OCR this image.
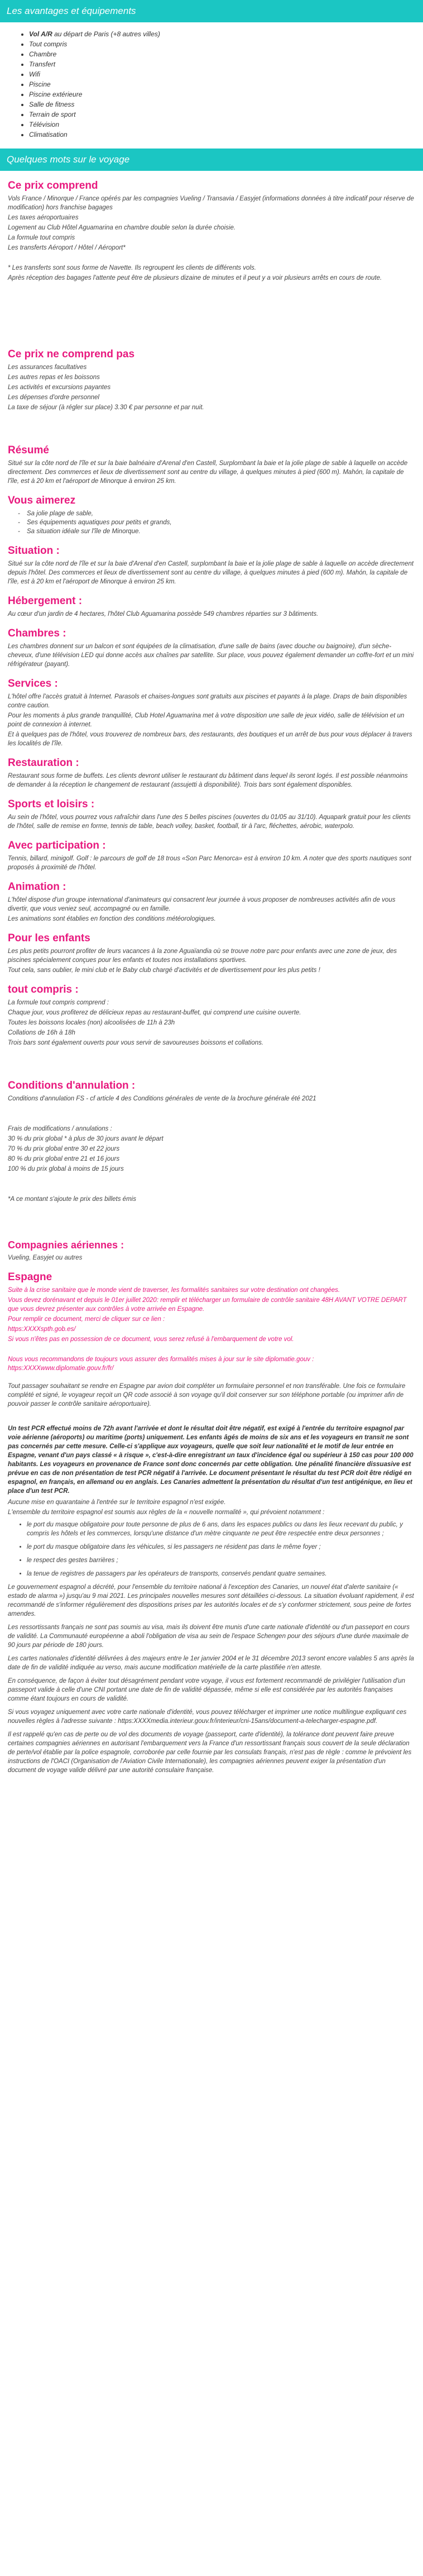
Les avantages et équipements
• Vol A/R au départ de Paris (+8 autres villes)
• Tout compris
• Chambre
• Transfert
• Wifi
• Piscine
• Piscine extérieure
• Salle de fitness
• Terrain de sport
• Télévision
• Climatisation
Quelques mots sur le voyage
Ce prix comprend
Vols France / Minorque / France opérés par les compagnies Vueling / Transavia / Easyjet (informations données à titre indicatif pour réserve de modification) hors franchise bagages
Les taxes aéroportuaires
Logement au Club Hôtel Aguamarina en chambre double selon la durée choisie.
La formule tout compris
Les transferts Aéroport / Hôtel / Aéroport*

* Les transferts sont sous forme de Navette. Ils regroupent les clients de différents vols.
Après réception des bagages l'attente peut être de plusieurs dizaine de minutes et il peut y a voir plusieurs arrêts en cours de route.
Ce prix ne comprend pas
Les assurances facultatives
Les autres repas et les boissons
Les activités et excursions payantes
Les dépenses d'ordre personnel
La taxe de séjour (à régler sur place) 3.30 € par personne et par nuit.
Résumé
Situé sur la côte nord de l'île et sur la baie balnéaire d'Arenal d'en Castell, Surplombant la baie et la jolie plage de sable à laquelle on accède directement. Des commerces et lieux de divertissement sont au centre du village, à quelques minutes à pied (600 m). Mahón, la capitale de l'île, est à 20 km et l'aéroport de Minorque à environ 25 km.
Vous aimerez
- Sa jolie plage de sable,
- Ses équipements aquatiques pour petits et grands,
- Sa situation idéale sur l'île de Minorque.
Situation :
Situé sur la côte nord de l'île et sur la baie d'Arenal d'en Castell, surplombant la baie et la jolie plage de sable à laquelle on accède directement depuis l'hôtel. Des commerces et lieux de divertissement sont au centre du village, à quelques minutes à pied (600 m). Mahón, la capitale de l'île, est à 20 km et l'aéroport de Minorque à environ 25 km.
Hébergement :
Au cœur d'un jardin de 4 hectares, l'hôtel Club Aguamarina possède 549 chambres réparties sur 3 bâtiments.
Chambres :
Les chambres donnent sur un balcon et sont équipées de la climatisation, d'une salle de bains (avec douche ou baignoire), d'un sèche-cheveux, d'une télévision LED qui donne accès aux chaînes par satellite. Sur place, vous pouvez également demander un coffre-fort et un mini réfrigérateur (payant).
Services :
L'hôtel offre l'accès gratuit à Internet. Parasols et chaises-longues sont gratuits aux piscines et payants à la plage. Draps de bain disponibles contre caution.
Pour les moments à plus grande tranquillité, Club Hotel Aguamarina met à votre disposition une salle de jeux vidéo, salle de télévision et un point de connexion à internet.
Et à quelques pas de l'hôtel, vous trouverez de nombreux bars, des restaurants, des boutiques et un arrêt de bus pour vous déplacer à travers les localités de l'île.
Restauration :
Restaurant sous forme de buffets. Les clients devront utiliser le restaurant du bâtiment dans lequel ils seront logés. Il est possible néanmoins de demander à la réception le changement de restaurant (assujetti à disponibilité). Trois bars sont également disponibles.
Sports et loisirs :
Au sein de l'hôtel, vous pourrez vous rafraîchir dans l'une des 5 belles piscines (ouvertes du 01/05 au 31/10). Aquapark gratuit pour les clients de l'hôtel, salle de remise en forme, tennis de table, beach volley, basket, football, tir à l'arc, fléchettes, aérobic, waterpolo.
Avec participation :
Tennis, billard, minigolf. Golf : le parcours de golf de 18 trous «Son Parc Menorca» est à environ 10 km. A noter que des sports nautiques sont proposés à proximité de l'hôtel.
Animation :
L'hôtel dispose d'un groupe international d'animateurs qui consacrent leur journée à vous proposer de nombreuses activités afin de vous divertir, que vous veniez seul, accompagné ou en famille.
Les animations sont établies en fonction des conditions météorologiques.
Pour les enfants
Les plus petits pourront profiter de leurs vacances à la zone Aguaïandia où se trouve notre parc pour enfants avec une zone de jeux, des piscines spécialement conçues pour les enfants et toutes nos installations sportives.
Tout cela, sans oublier, le mini club et le Baby club chargé d'activités et de divertissement pour les plus petits !
tout compris :
La formule tout compris comprend :
Chaque jour, vous profiterez de délicieux repas au restaurant-buffet, qui comprend une cuisine ouverte.
Toutes les boissons locales (non) alcoolisées de 11h à 23h
Collations de 16h à 18h
Trois bars sont également ouverts pour vous servir de savoureuses boissons et collations.
Conditions d'annulation :
Conditions d'annulation FS - cf article 4 des Conditions générales de vente de la brochure générale été 2021

Frais de modifications / annulations :
30 % du prix global * à plus de 30 jours avant le départ
70 % du prix global entre 30 et 22 jours
80 % du prix global entre 21 et 16 jours
100 % du prix global à moins de 15 jours

*A ce montant s'ajoute le prix des billets émis
Compagnies aériennes :
Vueling, Easyjet ou autres
Espagne
Suite à la crise sanitaire que le monde vient de traverser, les formalités sanitaires sur votre destination ont changées.
Vous devez dorénavant et depuis le 01er juillet 2020: remplir et télécharger un formulaire de contrôle sanitaire 48H AVANT VOTRE DEPART que vous devrez présenter aux contrôles à votre arrivée en Espagne.
Pour remplir ce document, merci de cliquer sur ce lien :
https:XXXXspth.gob.es/
Si vous n'êtes pas en possession de ce document, vous serez refusé à l'embarquement de votre vol.

Nous vous recommandons de toujours vous assurer des formalités mises à jour sur le site diplomatie.gouv : https:XXXXwww.diplomatie.gouv.fr/fr/
Tout passager souhaitant se rendre en Espagne par avion doit compléter un formulaire personnel et non transférable. Une fois ce formulaire complété et signé, le voyageur reçoit un QR code associé à son voyage qu'il doit conserver sur son téléphone portable (ou imprimer afin de pouvoir passer le contrôle sanitaire aéroportuaire).

Un test PCR effectué moins de 72h avant l'arrivée et dont le résultat doit être négatif, est exigé à l'entrée du territoire espagnol par voie aérienne (aéroports) ou maritime (ports) uniquement. Les enfants âgés de moins de six ans et les voyageurs en transit ne sont pas concernés par cette mesure. Celle-ci s'applique aux voyageurs, quelle que soit leur nationalité et le motif de leur entrée en Espagne, venant d'un pays classé « à risque », c'est-à-dire enregistrant un taux d'incidence égal ou supérieur à 150 cas pour 100 000 habitants. Les voyageurs en provenance de France sont donc concernés par cette obligation. Une pénalité financière dissuasive est prévue en cas de non présentation de test PCR négatif à l'arrivée. Le document présentant le résultat du test PCR doit être rédigé en espagnol, en français, en allemand ou en anglais. Les Canaries admettent la présentation du résultat d'un test antigénique, en lieu et place d'un test PCR.
Aucune mise en quarantaine à l'entrée sur le territoire espagnol n'est exigée.
L'ensemble du territoire espagnol est soumis aux règles de la « nouvelle normalité », qui prévoient notamment :
• le port du masque obligatoire pour toute personne de plus de 6 ans, dans les espaces publics ou dans les lieux recevant du public, y compris les hôtels et les commerces, lorsqu'une distance d'un mètre cinquante ne peut être respectée entre deux personnes ;
• le port du masque obligatoire dans les véhicules, si les passagers ne résident pas dans le même foyer ;
• le respect des gestes barrières ;
• la tenue de registres de passagers par les opérateurs de transports, conservés pendant quatre semaines.
Le gouvernement espagnol a décrété, pour l'ensemble du territoire national à l'exception des Canaries, un nouvel état d'alerte sanitaire (« estado de alarma ») jusqu'au 9 mai 2021. Les principales nouvelles mesures sont détaillées ci-dessous. La situation évoluant rapidement, il est recommandé de s'informer régulièrement des dispositions prises par les autorités locales et de s'y conformer strictement, sous peine de fortes amendes.
Les ressortissants français ne sont pas soumis au visa, mais ils doivent être munis d'une carte nationale d'identité ou d'un passeport en cours de validité. La Communauté européenne a aboli l'obligation de visa au sein de l'espace Schengen pour des séjours d'une durée maximale de 90 jours par période de 180 jours.
Les cartes nationales d'identité délivrées à des majeurs entre le 1er janvier 2004 et le 31 décembre 2013 seront encore valables 5 ans après la date de fin de validité indiquée au verso, mais aucune modification matérielle de la carte plastifiée n'en atteste.
En conséquence, de façon à éviter tout désagrément pendant votre voyage, il vous est fortement recommandé de privilégier l'utilisation d'un passeport valide à celle d'une CNI portant une date de fin de validité dépassée, même si elle est considérée par les autorités françaises comme étant toujours en cours de validité.
Si vous voyagez uniquement avec votre carte nationale d'identité, vous pouvez télécharger et imprimer une notice multilingue expliquant ces nouvelles règles à l'adresse suivante : https:XXXXmedia.interieur.gouv.fr/interieur/cni-15ans/document-a-telecharger-espagne.pdf.
Il est rappelé qu'en cas de perte ou de vol des documents de voyage (passeport, carte d'identité), la tolérance dont peuvent faire preuve certaines compagnies aériennes en autorisant l'embarquement vers la France d'un ressortissant français sous couvert de la seule déclaration de perte/vol établie par la police espagnole, corroborée par celle fournie par les consulats français, n'est pas de règle : comme le prévoient les instructions de l'OACI (Organisation de l'Aviation Civile Internationale), les compagnies aériennes peuvent exiger la présentation d'un document de voyage valide délivré par une autorité consulaire française.
